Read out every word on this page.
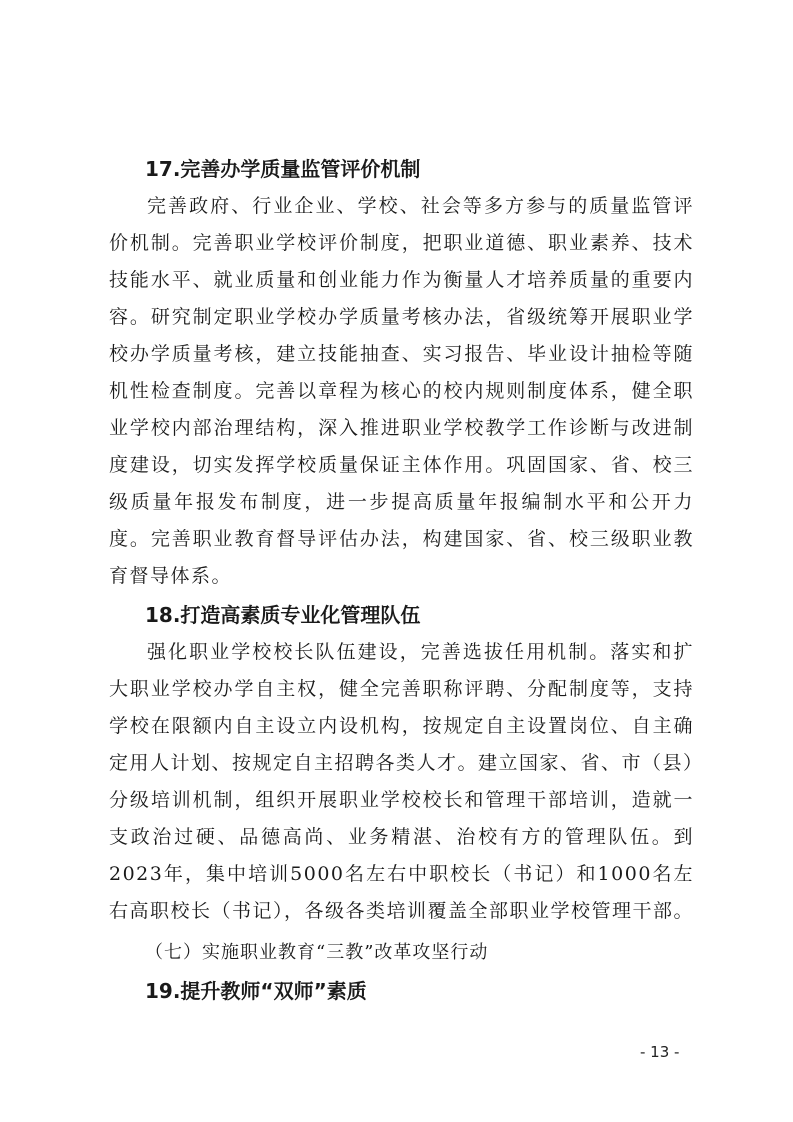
17.完善办学质量监管评价机制

完善政府、行业企业、学校、社会等多方参与的质量监管评价机制。完善职业学校评价制度，把职业道德、职业素养、技术技能水平、就业质量和创业能力作为衡量人才培养质量的重要内容。研究制定职业学校办学质量考核办法，省级统筹开展职业学校办学质量考核，建立技能抽查、实习报告、毕业设计抽检等随机性检查制度。完善以章程为核心的校内规则制度体系，健全职业学校内部治理结构，深入推进职业学校教学工作诊断与改进制度建设，切实发挥学校质量保证主体作用。巩固国家、省、校三级质量年报发布制度，进一步提高质量年报编制水平和公开力度。完善职业教育督导评估办法，构建国家、省、校三级职业教育督导体系。

18.打造高素质专业化管理队伍

强化职业学校校长队伍建设，完善选拔任用机制。落实和扩大职业学校办学自主权，健全完善职称评聘、分配制度等，支持学校在限额内自主设立内设机构，按规定自主设置岗位、自主确定用人计划、按规定自主招聘各类人才。建立国家、省、市（县）分级培训机制，组织开展职业学校校长和管理干部培训，造就一支政治过硬、品德高尚、业务精湛、治校有方的管理队伍。到2023年，集中培训5000名左右中职校长（书记）和1000名左右高职校长（书记），各级各类培训覆盖全部职业学校管理干部。

（七）实施职业教育“三教”改革攻坚行动
19.提升教师“双师”素质
- 13 -
